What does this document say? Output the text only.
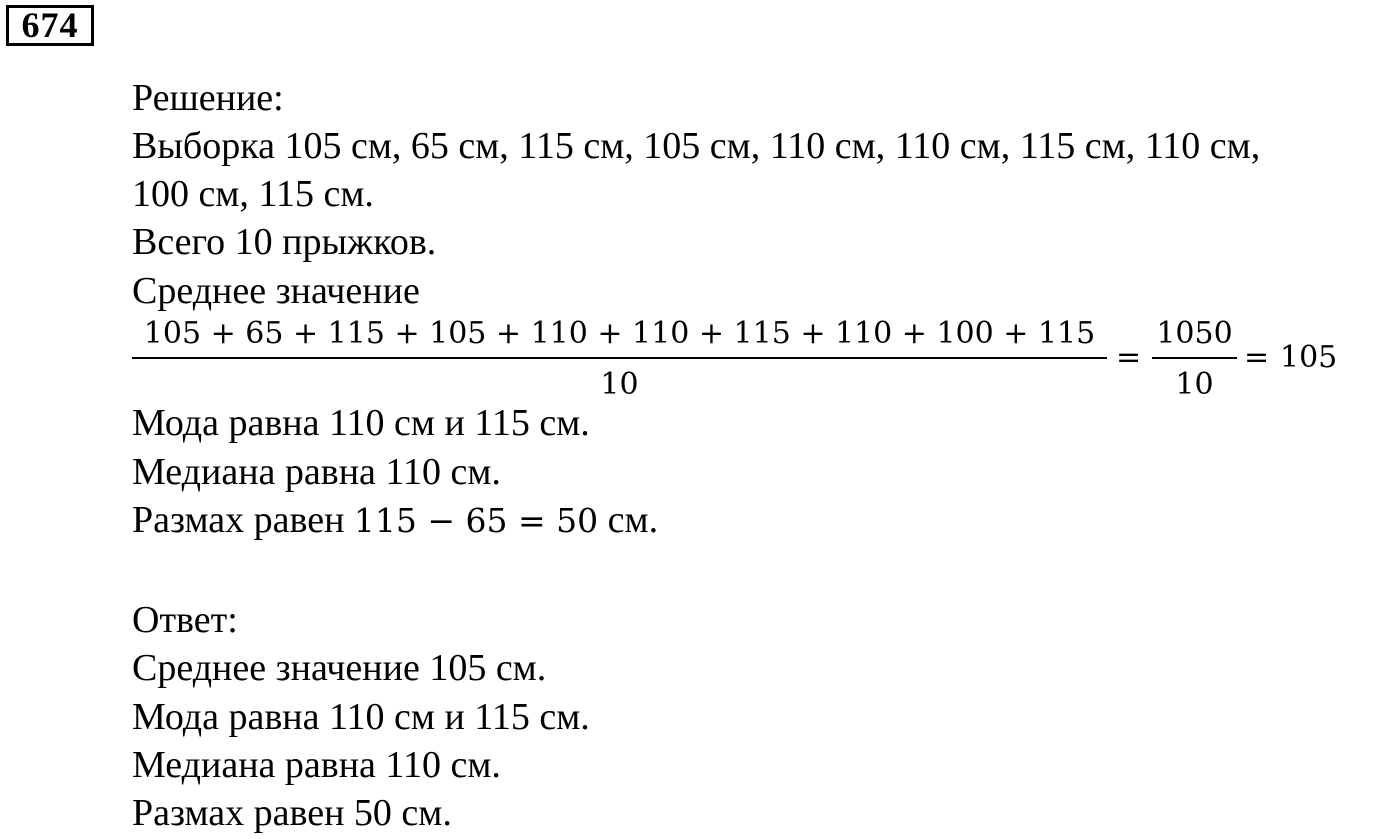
674
Решение:
Выборка 105 см, 65 см, 115 см, 105 см, 110 см, 110 см, 115 см, 110 см,
100 см, 115 см.
Всего 10 прыжков.
Среднее значение
105 + 65 + 115 + 105 + 110 + 110 + 115 + 110 + 100 + 115
10
=
1050
10
= 105
Мода равна 110 см и 115 см.
Медиана равна 110 см.
Размах равен 115 − 65 = 50 см.
Ответ:
Среднее значение 105 см.
Мода равна 110 см и 115 см.
Медиана равна 110 см.
Размах равен 50 см.
